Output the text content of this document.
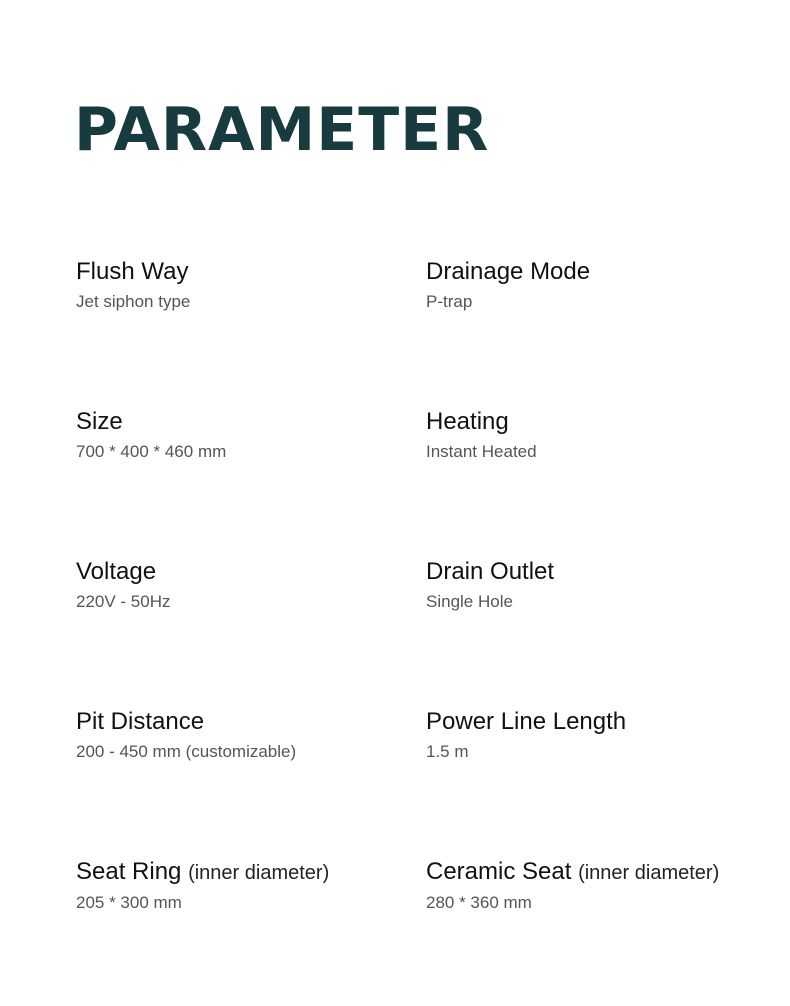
PARAMETER
Flush Way
Jet siphon type
Drainage Mode
P-trap
Size
700 * 400 * 460 mm
Heating
Instant Heated
Voltage
220V - 50Hz
Drain Outlet
Single Hole
Pit Distance
200 - 450 mm (customizable)
Power Line Length
1.5 m
Seat Ring (inner diameter)
205 * 300 mm
Ceramic Seat (inner diameter)
280 * 360 mm
